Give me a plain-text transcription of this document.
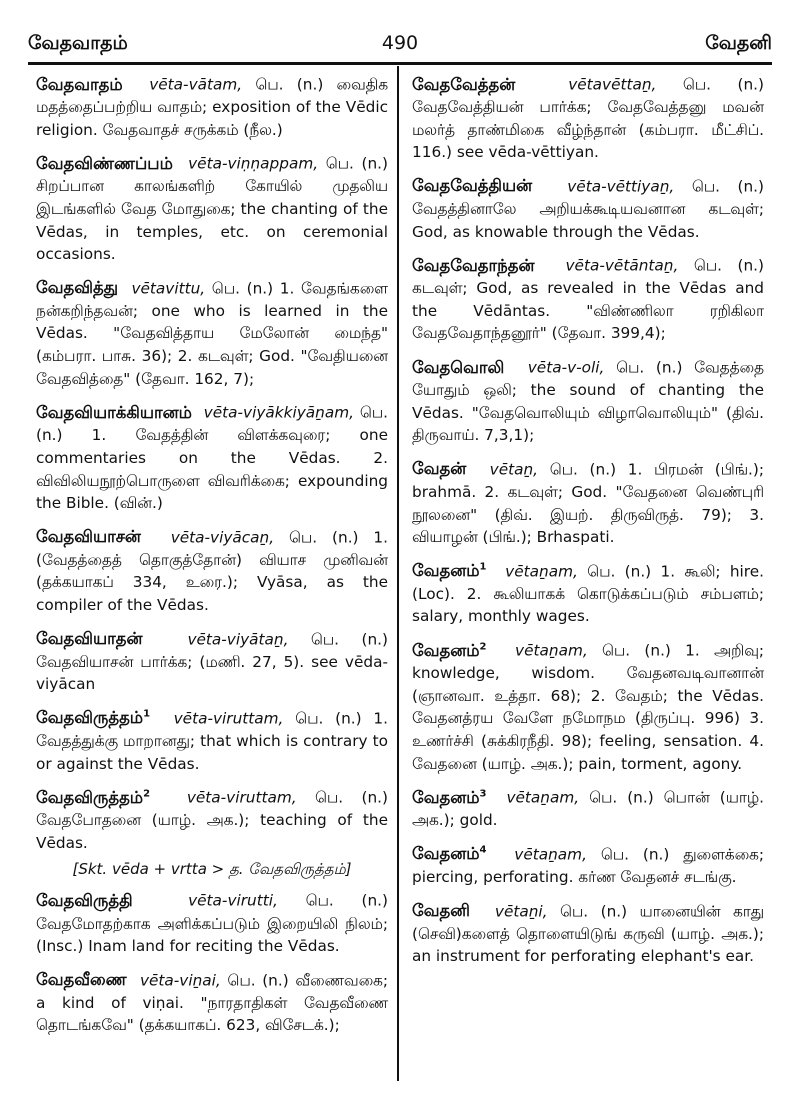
வேதவாதம்	490	வேதனி
வேதவாதம் vēta-vātam, பெ. (n.) வைதிக மதத்தைப்பற்றிய வாதம்; exposition of the Vēdic religion. வேதவாதச் சருக்கம் (நீல.)
வேதவிண்ணப்பம் vēta-viṇṇappam, பெ. (n.) சிறப்பான காலங்களிற் கோயில் முதலிய இடங்களில் வேத மோதுகை; the chanting of the Vēdas, in temples, etc. on ceremonial occasions.
வேதவித்து vētavittu, பெ. (n.) 1. வேதங்களை நன்கறிந்தவன்; one who is learned in the Vēdas. "வேதவித்தாய மேலோன் மைந்த" (கம்பரா. பாசு. 36); 2. கடவுள்; God. "வேதியனை வேதவித்தை" (தேவா. 162, 7);
வேதவியாக்கியானம் vēta-viyākkiyāṉam, பெ. (n.) 1. வேதத்தின் விளக்கவுரை; one commentaries on the Vēdas. 2. விவிலியநூற்பொருளை விவரிக்கை; expounding the Bible. (வின்.)
வேதவியாசன் vēta-viyācaṉ, பெ. (n.) 1. (வேதத்தைத் தொகுத்தோன்) வியாச முனிவன் (தக்கயாகப் 334, உரை.); Vyāsa, as the compiler of the Vēdas.
வேதவியாதன்	vēta-viyātaṉ, பெ. (n.) வேதவியாசன் பார்க்க; (மணி. 27, 5). see vēda-viyācan
வேதவிருத்தம்$^1$ vēta-viruttam, பெ. (n.) 1. வேதத்துக்கு மாறானது; that which is contrary to or against the Vēdas.
வேதவிருத்தம்$^2$ vēta-viruttam, பெ. (n.) வேதபோதனை (யாழ். அக.); teaching of the Vēdas.
[Skt. vēda + vrtta > த. வேதவிருத்தம்]
வேதவிருத்தி	vēta-virutti, பெ. (n.) வேதமோதற்காக அளிக்கப்படும் இறையிலி நிலம்; (Insc.) Inam land for reciting the Vēdas.
வேதவீணை vēta-viṉai, பெ. (n.) வீணைவகை; a kind of viṇai. "நாரதாதிகள் வேதவீணை தொடங்கவே" (தக்கயாகப். 623, விசேடக்.);
வேதவேத்தன்	vētavēttaṉ, பெ. (n.) வேதவேத்தியன் பார்க்க; வேதவேத்தனு மவன் மலர்த் தாண்மிகை வீழ்ந்தான் (கம்பரா. மீட்சிப். 116.) see vēda-vēttiyan.
வேதவேத்தியன் vēta-vēttiyaṉ, பெ. (n.) வேதத்தினாலே அறியக்கூடியவனான கடவுள்; God, as knowable through the Vēdas.
வேதவேதாந்தன் vēta-vētāntaṉ, பெ. (n.) கடவுள்; God, as revealed in the Vēdas and the Vēdāntas. "விண்ணிலா ரறிகிலா வேதவேதாந்தனூர்" (தேவா. 399,4);
வேதவொலி vēta-v-oli, பெ. (n.) வேதத்தை யோதும் ஒலி; the sound of chanting the Vēdas. "வேதவொலியும் விழாவொலியும்" (திவ். திருவாய். 7,3,1);
வேதன் vētaṉ, பெ. (n.) 1. பிரமன் (பிங்.); brahmā. 2. கடவுள்; God. "வேதனை வெண்புரி நூலனை" (திவ். இயற். திருவிருத். 79); 3. வியாழன் (பிங்.); Brhaspati.
வேதனம்$^1$ vētaṉam, பெ. (n.) 1. கூலி; hire. (Loc). 2. கூலியாகக் கொடுக்கப்படும் சம்பளம்; salary, monthly wages.
வேதனம்$^2$ vētaṉam, பெ. (n.) 1. அறிவு; knowledge, wisdom. வேதனவடிவானான் (ஞானவா. உத்தா. 68); 2. வேதம்; the Vēdas. வேதனத்ரய வேளே நமோநம (திருப்பு. 996) 3. உணர்ச்சி (சுக்கிரநீதி. 98); feeling, sensation. 4. வேதனை (யாழ். அக.); pain, torment, agony.
வேதனம்$^3$ vētaṉam, பெ. (n.) பொன் (யாழ். அக.); gold.
வேதனம்$^4$ vētaṉam, பெ. (n.) துளைக்கை; piercing, perforating. கர்ண வேதனச் சடங்கு.
வேதனி vētaṉi, பெ. (n.) யானையின் காது (செவி)களைத் தொளையிடுங் கருவி (யாழ். அக.); an instrument for perforating elephant's ear.
